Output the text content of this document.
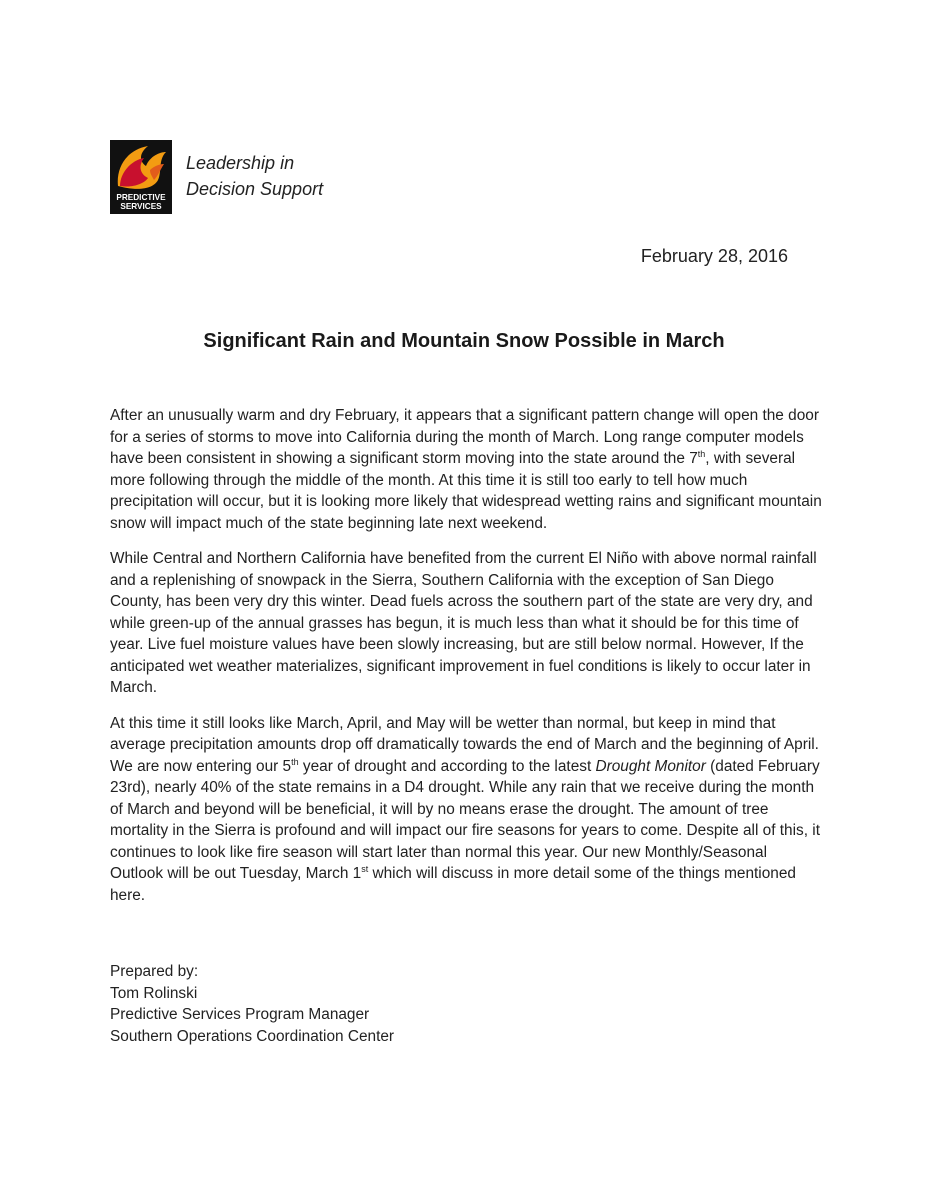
PREDICTIVE
SERVICES
Leadership in
Decision Support
February 28, 2016
Significant Rain and Mountain Snow Possible in March

After an unusually warm and dry February, it appears that a significant pattern change will open the door for a series of storms to move into California during the month of March. Long range computer models have been consistent in showing a significant storm moving into the state around the 7th, with several more following through the middle of the month. At this time it is still too early to tell how much precipitation will occur, but it is looking more likely that widespread wetting rains and significant mountain snow will impact much of the state beginning late next weekend.

While Central and Northern California have benefited from the current El Niño with above normal rainfall and a replenishing of snowpack in the Sierra, Southern California with the exception of San Diego County, has been very dry this winter. Dead fuels across the southern part of the state are very dry, and while green-up of the annual grasses has begun, it is much less than what it should be for this time of year. Live fuel moisture values have been slowly increasing, but are still below normal. However, If the anticipated wet weather materializes, significant improvement in fuel conditions is likely to occur later in March.

At this time it still looks like March, April, and May will be wetter than normal, but keep in mind that average precipitation amounts drop off dramatically towards the end of March and the beginning of April. We are now entering our 5th year of drought and according to the latest Drought Monitor (dated February 23rd), nearly 40% of the state remains in a D4 drought. While any rain that we receive during the month of March and beyond will be beneficial, it will by no means erase the drought. The amount of tree mortality in the Sierra is profound and will impact our fire seasons for years to come. Despite all of this, it continues to look like fire season will start later than normal this year. Our new Monthly/Seasonal Outlook will be out Tuesday, March 1st which will discuss in more detail some of the things mentioned here.

Prepared by:
Tom Rolinski
Predictive Services Program Manager
Southern Operations Coordination Center
